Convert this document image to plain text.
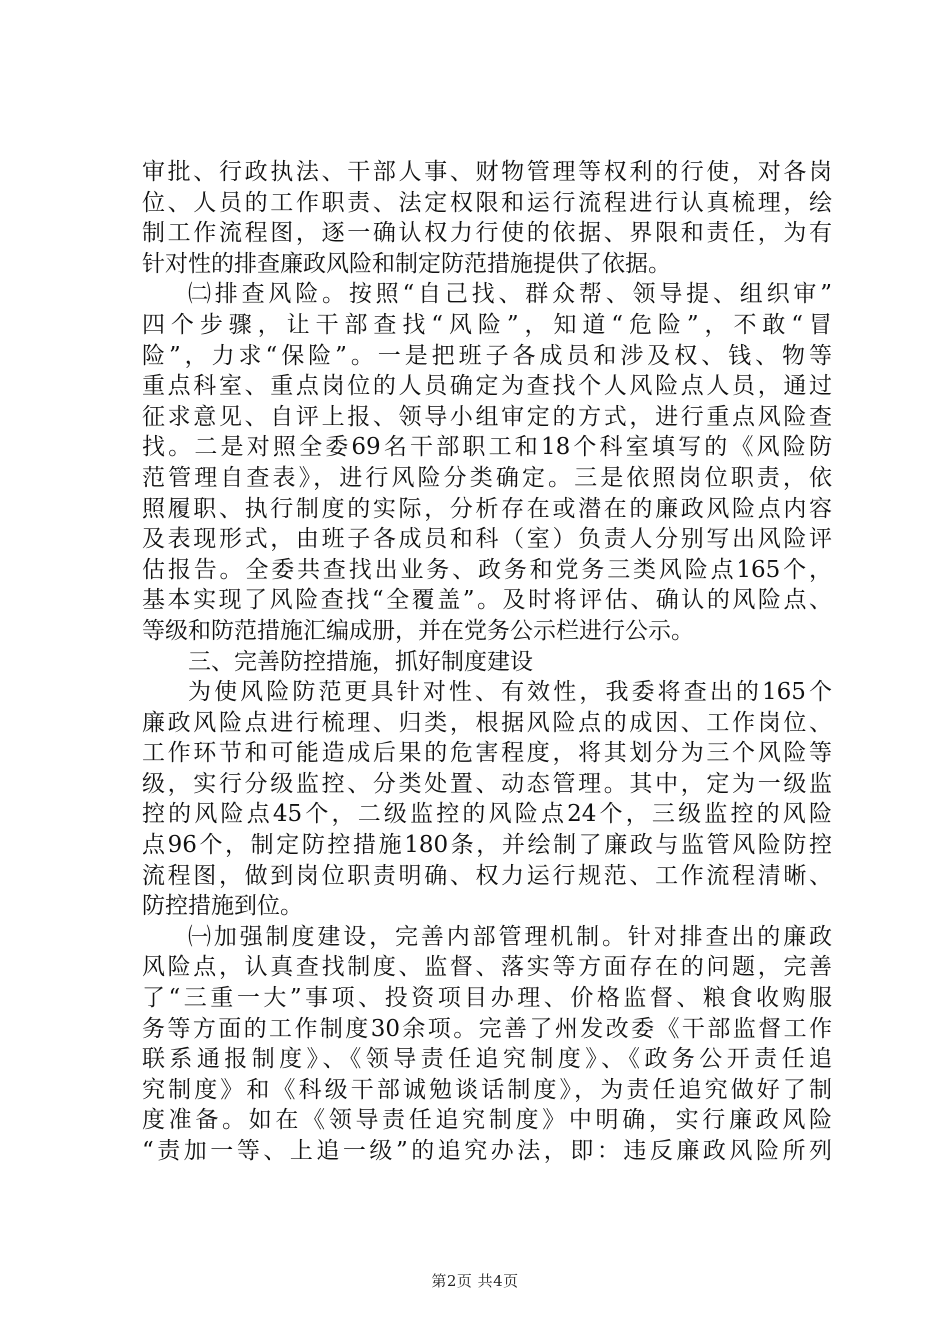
审批、行政执法、干部人事、财物管理等权利的行使，对各岗
位、人员的工作职责、法定权限和运行流程进行认真梳理，绘
制工作流程图，逐一确认权力行使的依据、界限和责任，为有
针对性的排查廉政风险和制定防范措施提供了依据。
㈡排查风险。按照“自己找、群众帮、领导提、组织审”
四个步骤，让干部查找“风险”，知道“危险”，不敢“冒
险”，力求“保险”。一是把班子各成员和涉及权、钱、物等
重点科室、重点岗位的人员确定为查找个人风险点人员，通过
征求意见、自评上报、领导小组审定的方式，进行重点风险查
找。二是对照全委69名干部职工和18个科室填写的《风险防
范管理自查表》，进行风险分类确定。三是依照岗位职责，依
照履职、执行制度的实际，分析存在或潜在的廉政风险点内容
及表现形式，由班子各成员和科（室）负责人分别写出风险评
估报告。全委共查找出业务、政务和党务三类风险点165个，
基本实现了风险查找“全覆盖”。及时将评估、确认的风险点、
等级和防范措施汇编成册，并在党务公示栏进行公示。
三、完善防控措施，抓好制度建设
为使风险防范更具针对性、有效性，我委将查出的165个
廉政风险点进行梳理、归类，根据风险点的成因、工作岗位、
工作环节和可能造成后果的危害程度，将其划分为三个风险等
级，实行分级监控、分类处置、动态管理。其中，定为一级监
控的风险点45个，二级监控的风险点24个，三级监控的风险
点96个，制定防控措施180条，并绘制了廉政与监管风险防控
流程图，做到岗位职责明确、权力运行规范、工作流程清晰、
防控措施到位。
㈠加强制度建设，完善内部管理机制。针对排查出的廉政
风险点，认真查找制度、监督、落实等方面存在的问题，完善
了“三重一大”事项、投资项目办理、价格监督、粮食收购服
务等方面的工作制度30余项。完善了州发改委《干部监督工作
联系通报制度》、《领导责任追究制度》、《政务公开责任追
究制度》和《科级干部诚勉谈话制度》，为责任追究做好了制
度准备。如在《领导责任追究制度》中明确，实行廉政风险
“责加一等、上追一级”的追究办法，即：违反廉政风险所列
第2页 共4页
